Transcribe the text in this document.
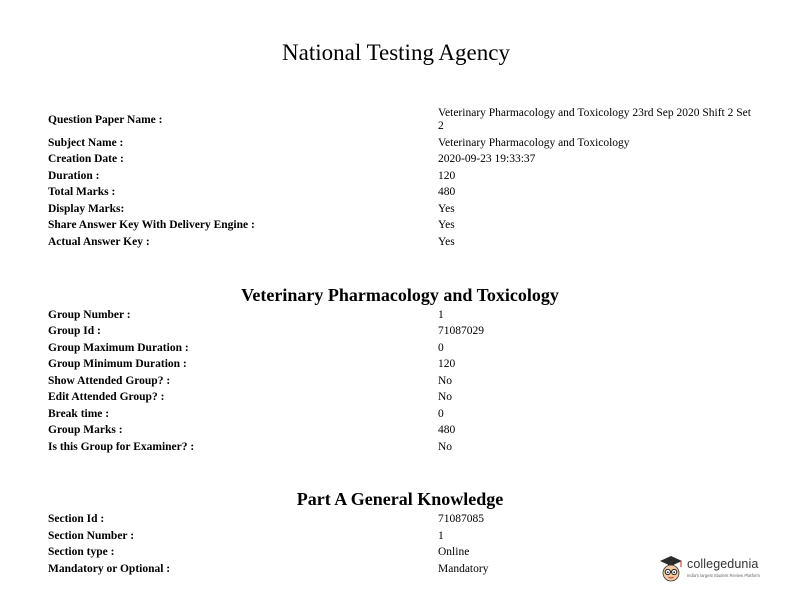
National Testing Agency
Question Paper Name :
Veterinary Pharmacology and Toxicology 23rd Sep 2020 Shift 2 Set 2
Subject Name :	Veterinary Pharmacology and Toxicology
Creation Date :	2020-09-23 19:33:37
Duration :	120
Total Marks :	480
Display Marks:	Yes
Share Answer Key With Delivery Engine :	Yes
Actual Answer Key :	Yes
Veterinary Pharmacology and Toxicology
Group Number :	1
Group Id :	71087029
Group Maximum Duration :	0
Group Minimum Duration :	120
Show Attended Group? :	No
Edit Attended Group? :	No
Break time :	0
Group Marks :	480
Is this Group for Examiner? :	No
Part A General Knowledge
Section Id :	71087085
Section Number :	1
Section type :	Online
Mandatory or Optional :	Mandatory	collegedunia
India's largest Student Review Platform
